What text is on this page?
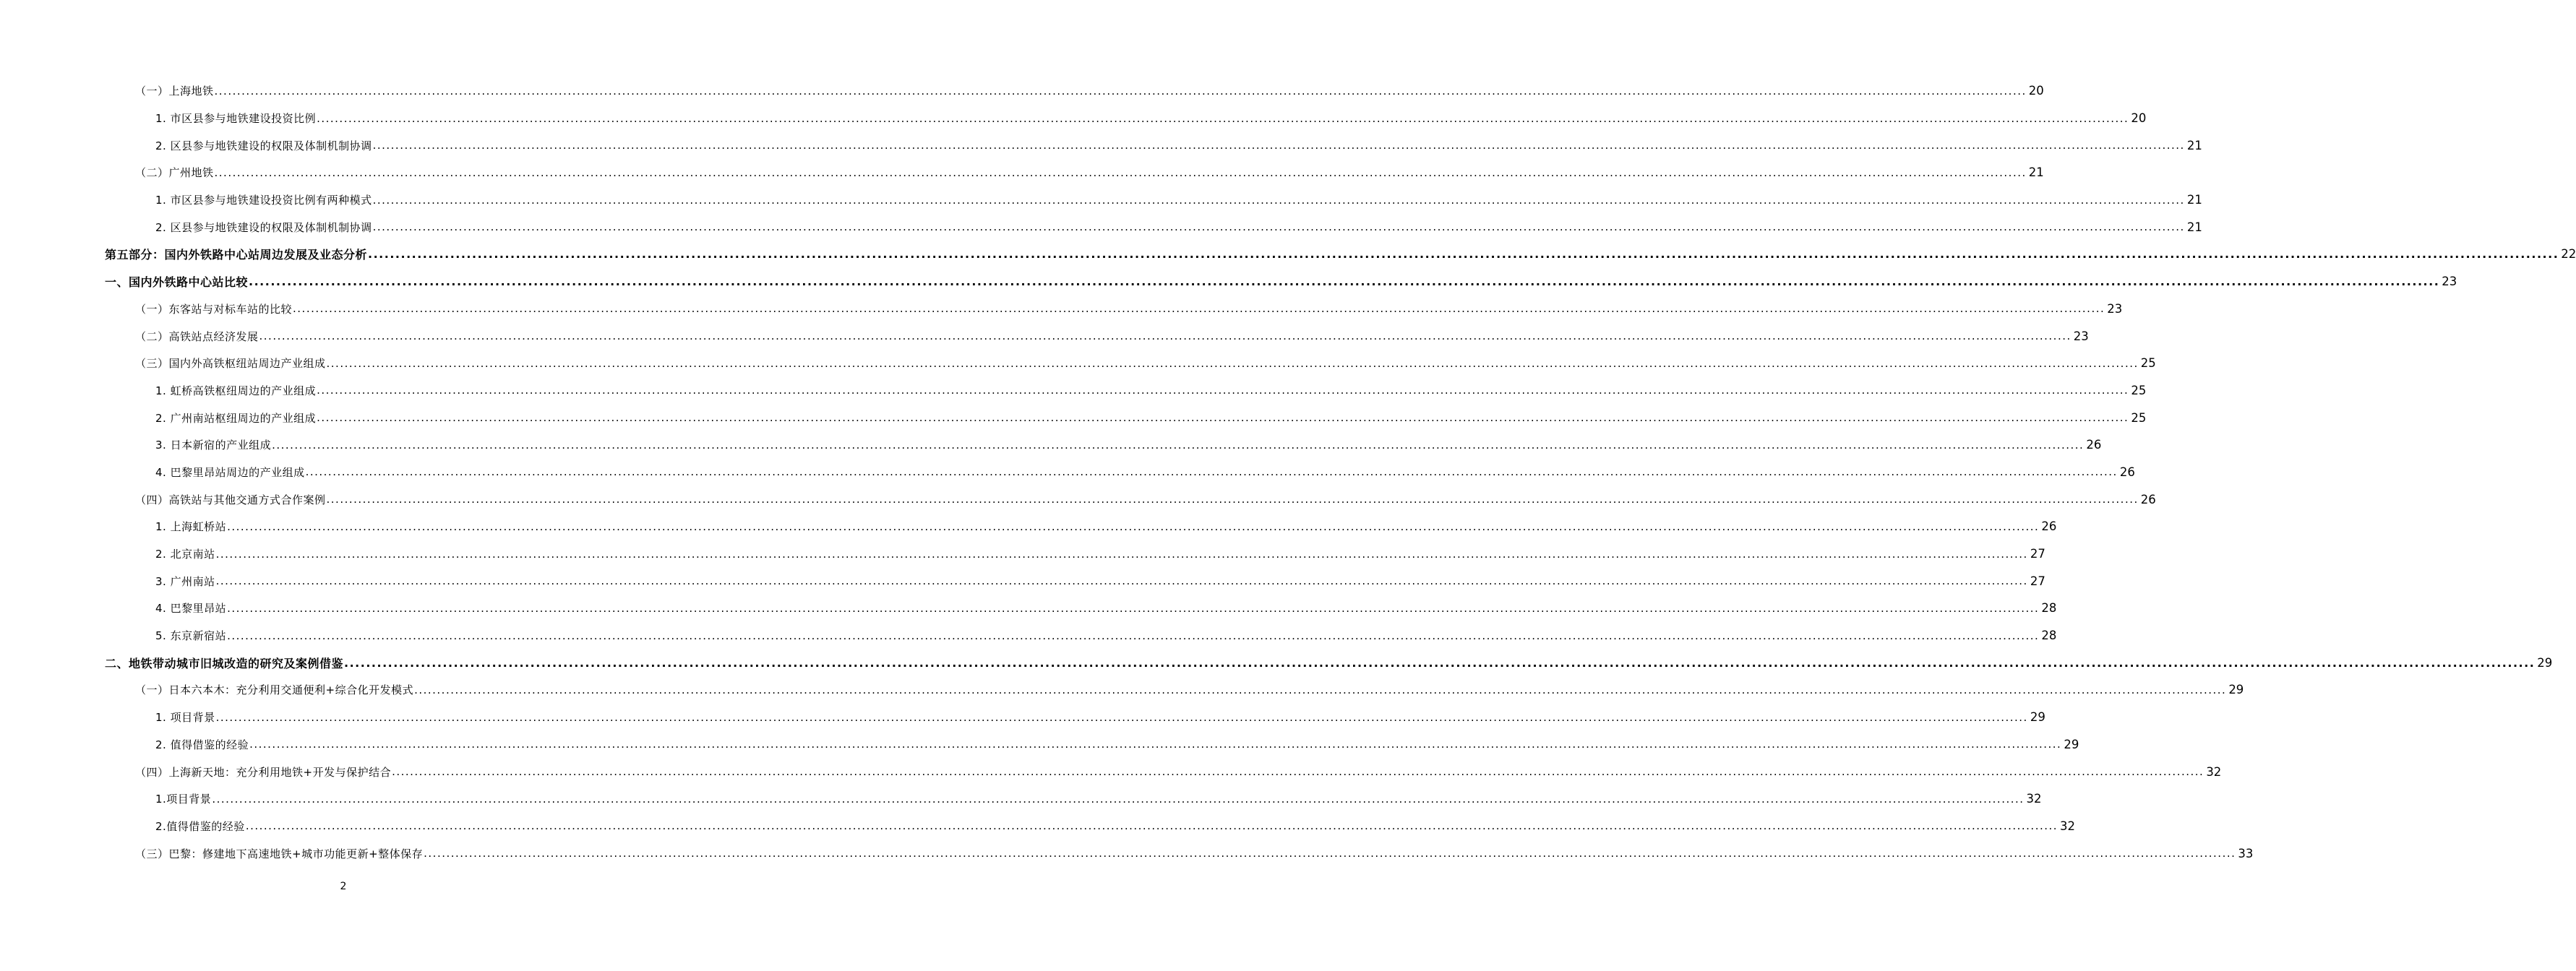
（一）上海地铁 ................................................................................................................................................................................................................................................................................................................................................................................................................ 20
1. 市区县参与地铁建设投资比例 ................................................................................................................................................................................................................................................................................................................................................................................................................ 20
2. 区县参与地铁建设的权限及体制机制协调 ................................................................................................................................................................................................................................................................................................................................................................................................................ 21
（二）广州地铁 ................................................................................................................................................................................................................................................................................................................................................................................................................ 21
1. 市区县参与地铁建设投资比例有两种模式 ................................................................................................................................................................................................................................................................................................................................................................................................................ 21
2. 区县参与地铁建设的权限及体制机制协调 ................................................................................................................................................................................................................................................................................................................................................................................................................ 21
第五部分：国内外铁路中心站周边发展及业态分析 ................................................................................................................................................................................................................................................................................................................................................................................................................ 22
一、国内外铁路中心站比较 ................................................................................................................................................................................................................................................................................................................................................................................................................ 23
（一）东客站与对标车站的比较 ................................................................................................................................................................................................................................................................................................................................................................................................................ 23
（二）高铁站点经济发展 ................................................................................................................................................................................................................................................................................................................................................................................................................ 23
（三）国内外高铁枢纽站周边产业组成 ................................................................................................................................................................................................................................................................................................................................................................................................................ 25
1. 虹桥高铁枢纽周边的产业组成 ................................................................................................................................................................................................................................................................................................................................................................................................................ 25
2. 广州南站枢纽周边的产业组成 ................................................................................................................................................................................................................................................................................................................................................................................................................ 25
3. 日本新宿的产业组成 ................................................................................................................................................................................................................................................................................................................................................................................................................ 26
4. 巴黎里昂站周边的产业组成 ................................................................................................................................................................................................................................................................................................................................................................................................................ 26
（四）高铁站与其他交通方式合作案例 ................................................................................................................................................................................................................................................................................................................................................................................................................ 26
1. 上海虹桥站 ................................................................................................................................................................................................................................................................................................................................................................................................................ 26
2. 北京南站 ................................................................................................................................................................................................................................................................................................................................................................................................................ 27
3. 广州南站 ................................................................................................................................................................................................................................................................................................................................................................................................................ 27
4. 巴黎里昂站 ................................................................................................................................................................................................................................................................................................................................................................................................................ 28
5. 东京新宿站 ................................................................................................................................................................................................................................................................................................................................................................................................................ 28
二、地铁带动城市旧城改造的研究及案例借鉴 ................................................................................................................................................................................................................................................................................................................................................................................................................ 29
（一）日本六本木：充分利用交通便利+综合化开发模式 ................................................................................................................................................................................................................................................................................................................................................................................................................ 29
1. 项目背景 ................................................................................................................................................................................................................................................................................................................................................................................................................ 29
2. 值得借鉴的经验 ................................................................................................................................................................................................................................................................................................................................................................................................................ 29
（四）上海新天地：充分利用地铁+开发与保护结合 ................................................................................................................................................................................................................................................................................................................................................................................................................ 32
1.项目背景 ................................................................................................................................................................................................................................................................................................................................................................................................................ 32
2.值得借鉴的经验 ................................................................................................................................................................................................................................................................................................................................................................................................................ 32
（三）巴黎：修建地下高速地铁+城市功能更新+整体保存 ................................................................................................................................................................................................................................................................................................................................................................................................................ 33
2
